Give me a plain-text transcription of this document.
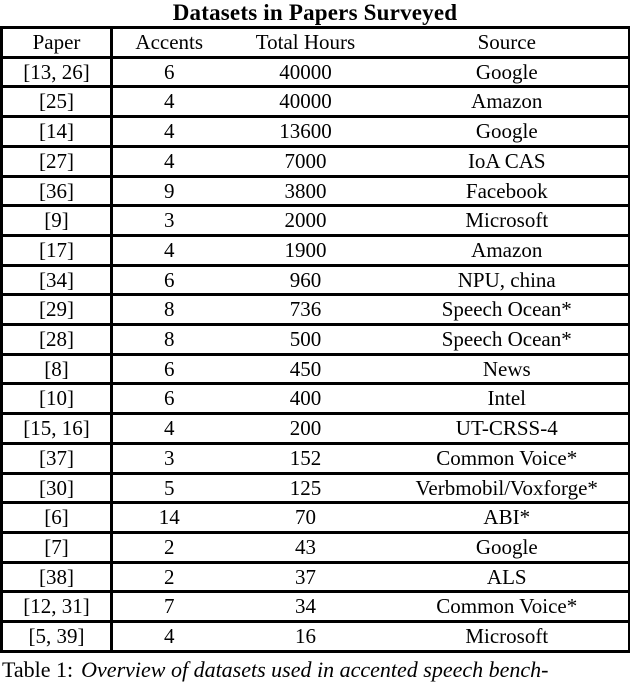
Datasets in Papers Surveyed
Paper	Accents	Total Hours	Source
[13, 26]	6	40000	Google
[25]	4	40000	Amazon
[14]	4	13600	Google
[27]	4	7000	IoA CAS
[36]	9	3800	Facebook
[9]	3	2000	Microsoft
[17]	4	1900	Amazon
[34]	6	960	NPU, china
[29]	8	736	Speech Ocean*
[28]	8	500	Speech Ocean*
[8]	6	450	News
[10]	6	400	Intel
[15, 16]	4	200	UT-CRSS-4
[37]	3	152	Common Voice*
[30]	5	125	Verbmobil/Voxforge*
[6]	14	70	ABI*
[7]	2	43	Google
[38]	2	37	ALS
[12, 31]	7	34	Common Voice*
[5, 39]	4	16	Microsoft
Table 1: Overview of datasets used in accented speech bench-
